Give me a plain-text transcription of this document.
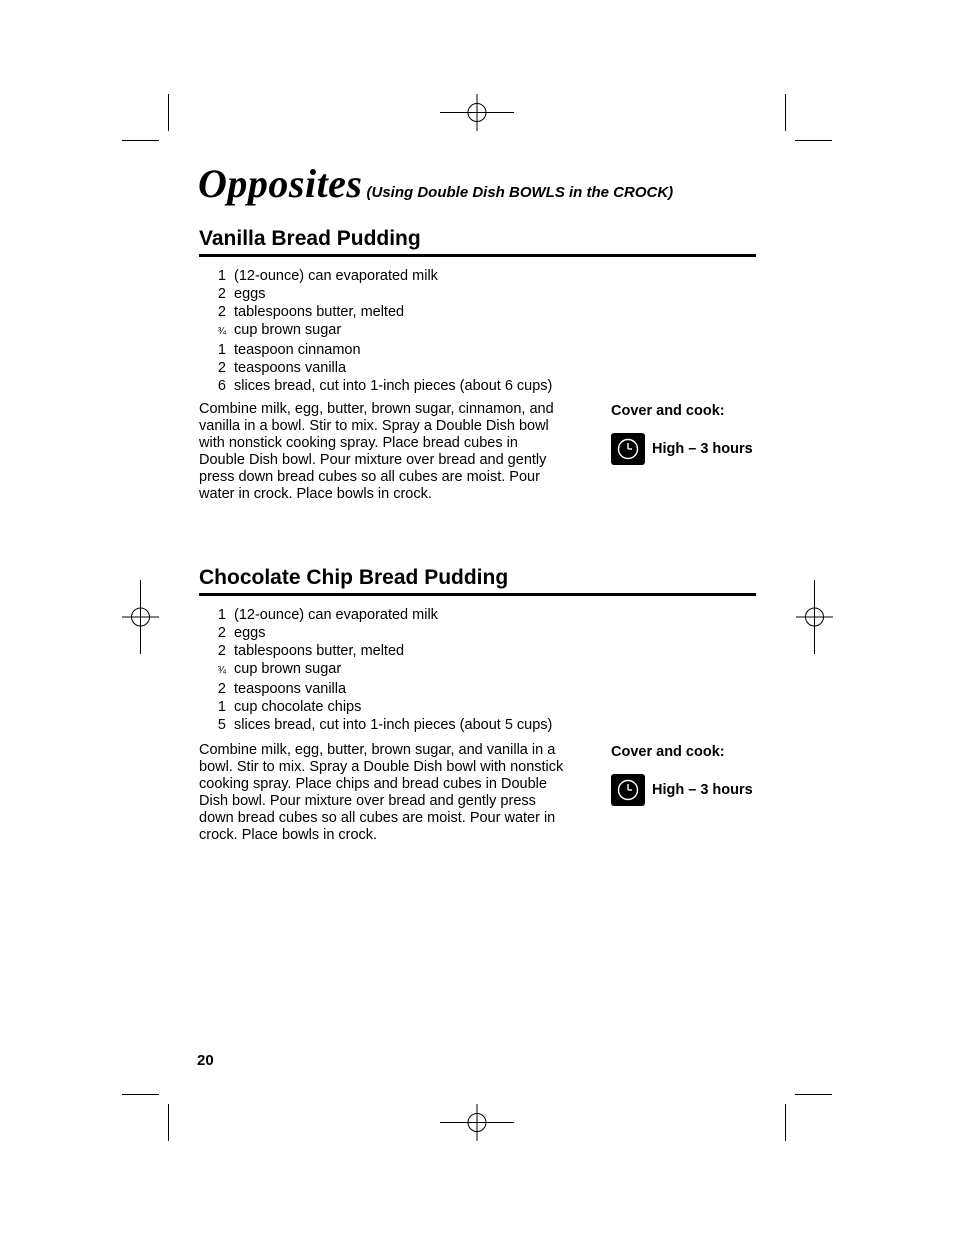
Opposites (Using Double Dish BOWLS in the CROCK)
Vanilla Bread Pudding
1 (12-ounce) can evaporated milk
2 eggs
2 tablespoons butter, melted
¾ cup brown sugar
1 teaspoon cinnamon
2 teaspoons vanilla
6 slices bread, cut into 1-inch pieces (about 6 cups)

Combine milk, egg, butter, brown sugar, cinnamon, and vanilla in a bowl. Stir to mix. Spray a Double Dish bowl with nonstick cooking spray. Place bread cubes in Double Dish bowl. Pour mixture over bread and gently press down bread cubes so all cubes are moist. Pour water in crock. Place bowls in crock.

Cover and cook:
High – 3 hours
Chocolate Chip Bread Pudding
1 (12-ounce) can evaporated milk
2 eggs
2 tablespoons butter, melted
¾ cup brown sugar
2 teaspoons vanilla
1 cup chocolate chips
5 slices bread, cut into 1-inch pieces (about 5 cups)

Combine milk, egg, butter, brown sugar, and vanilla in a bowl. Stir to mix. Spray a Double Dish bowl with nonstick cooking spray. Place chips and bread cubes in Double Dish bowl. Pour mixture over bread and gently press down bread cubes so all cubes are moist. Pour water in crock. Place bowls in crock.

Cover and cook:
High – 3 hours
20
